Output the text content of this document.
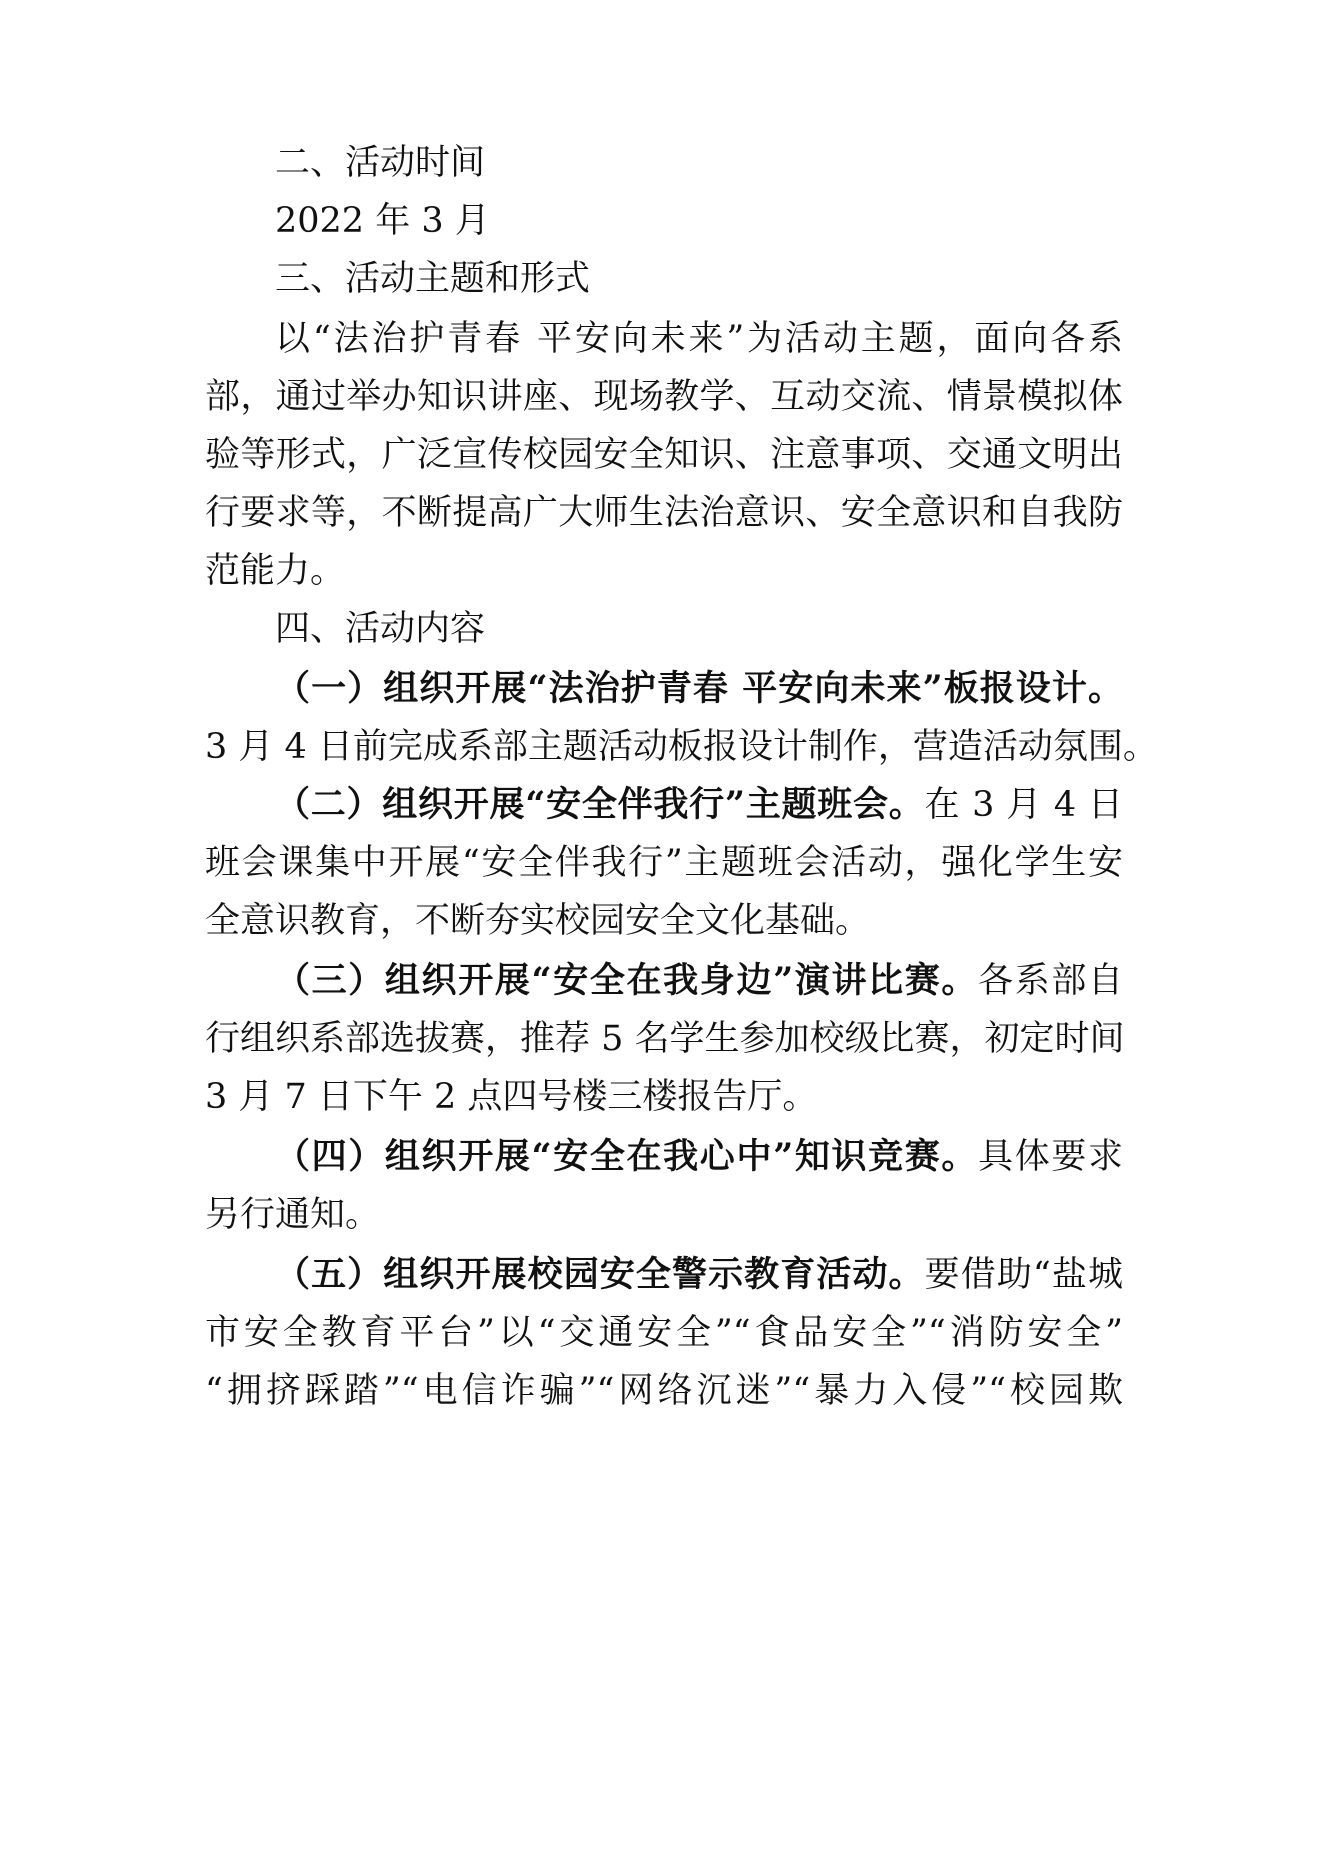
二、活动时间
2022 年 3 月
三、活动主题和形式
以“法治护青春 平安向未来”为活动主题，面向各系
部，通过举办知识讲座、现场教学、互动交流、情景模拟体
验等形式，广泛宣传校园安全知识、注意事项、交通文明出
行要求等，不断提高广大师生法治意识、安全意识和自我防
范能力。
四、活动内容
（一）组织开展“法治护青春 平安向未来”板报设计。
3 月 4 日前完成系部主题活动板报设计制作，营造活动氛围。
（二）组织开展“安全伴我行”主题班会。在 3 月 4 日
班会课集中开展“安全伴我行”主题班会活动，强化学生安
全意识教育，不断夯实校园安全文化基础。
（三）组织开展“安全在我身边”演讲比赛。各系部自
行组织系部选拔赛，推荐 5 名学生参加校级比赛，初定时间
3 月 7 日下午 2 点四号楼三楼报告厅。
（四）组织开展“安全在我心中”知识竞赛。具体要求
另行通知。
（五）组织开展校园安全警示教育活动。要借助“盐城
市安全教育平台”以“交通安全”“食品安全”“消防安全”
“拥挤踩踏”“电信诈骗”“网络沉迷”“暴力入侵”“校园欺
